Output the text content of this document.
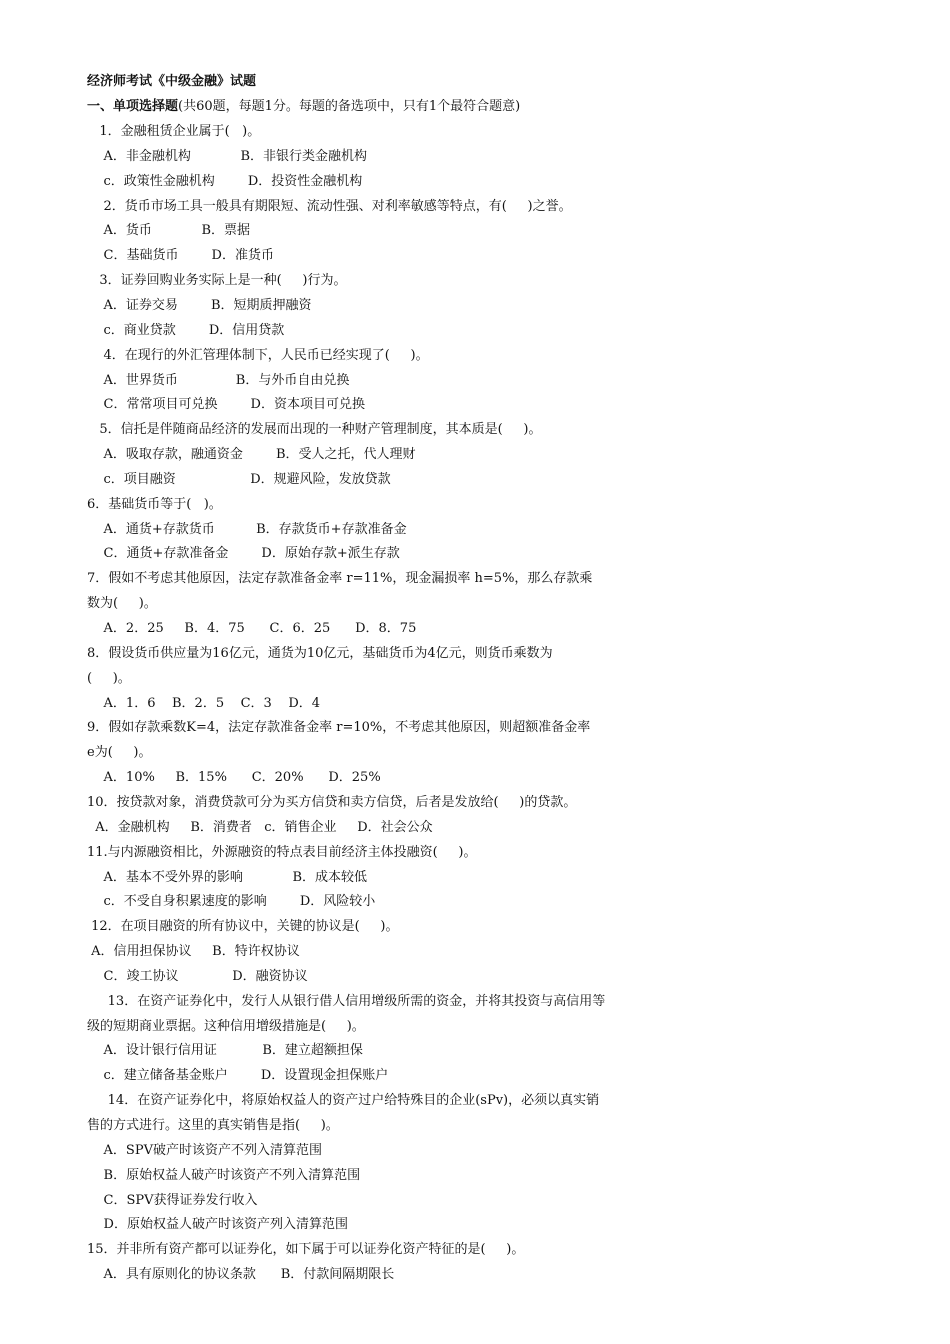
经济师考试《中级金融》试题
一、单项选择题(共60题，每题1分。每题的备选项中，只有1个最符合题意)
1．金融租赁企业属于(   )。
A．非金融机构            B．非银行类金融机构
c．政策性金融机构        D．投资性金融机构
2．货币市场工具一般具有期限短、流动性强、对利率敏感等特点，有(     )之誉。
A．货币            B．票据
C．基础货币        D．准货币
3．证券回购业务实际上是一种(     )行为。
A．证券交易        B．短期质押融资
c．商业贷款        D．信用贷款
4．在现行的外汇管理体制下，人民币已经实现了(     )。
A．世界货币              B．与外币自由兑换
C．常常项目可兑换        D．资本项目可兑换
5．信托是伴随商品经济的发展而出现的一种财产管理制度，其本质是(     )。
A．吸取存款，融通资金        B．受人之托，代人理财
c．项目融资                  D．规避风险，发放贷款
6．基础货币等于(   )。
A．通货+存款货币          B．存款货币+存款准备金
C．通货+存款准备金        D．原始存款+派生存款
7．假如不考虑其他原因，法定存款准备金率 r=11%，现金漏损率 h=5%，那么存款乘
数为(     )。
A．2．25     B．4．75      C．6．25      D．8．75
8．假设货币供应量为16亿元，通货为10亿元，基础货币为4亿元，则货币乘数为
(     )。
A．1．6    B．2．5    C．3    D．4
9．假如存款乘数K=4，法定存款准备金率 r=10%，不考虑其他原因，则超额准备金率
e为(     )。
A．10%     B．15%      C．20%      D．25%
10．按贷款对象，消费贷款可分为买方信贷和卖方信贷，后者是发放给(     )的贷款。
A．金融机构     B．消费者   c．销售企业     D．社会公众
11.与内源融资相比，外源融资的特点表目前经济主体投融资(     )。
A．基本不受外界的影响            B．成本较低
c．不受自身积累速度的影响        D．风险较小
12．在项目融资的所有协议中，关键的协议是(     )。
A．信用担保协议     B．特许权协议
C．竣工协议             D．融资协议
13．在资产证券化中，发行人从银行借人信用增级所需的资金，并将其投资与高信用等
级的短期商业票据。这种信用增级措施是(     )。
A．设计银行信用证           B．建立超额担保
c．建立储备基金账户        D．设置现金担保账户
14．在资产证券化中，将原始权益人的资产过户给特殊目的企业(sPv)，必须以真实销
售的方式进行。这里的真实销售是指(     )。
A．SPV破产时该资产不列入清算范围
B．原始权益人破产时该资产不列入清算范围
C．SPV获得证券发行收入
D．原始权益人破产时该资产列入清算范围
15．并非所有资产都可以证券化，如下属于可以证券化资产特征的是(     )。
A．具有原则化的协议条款      B．付款间隔期限长
